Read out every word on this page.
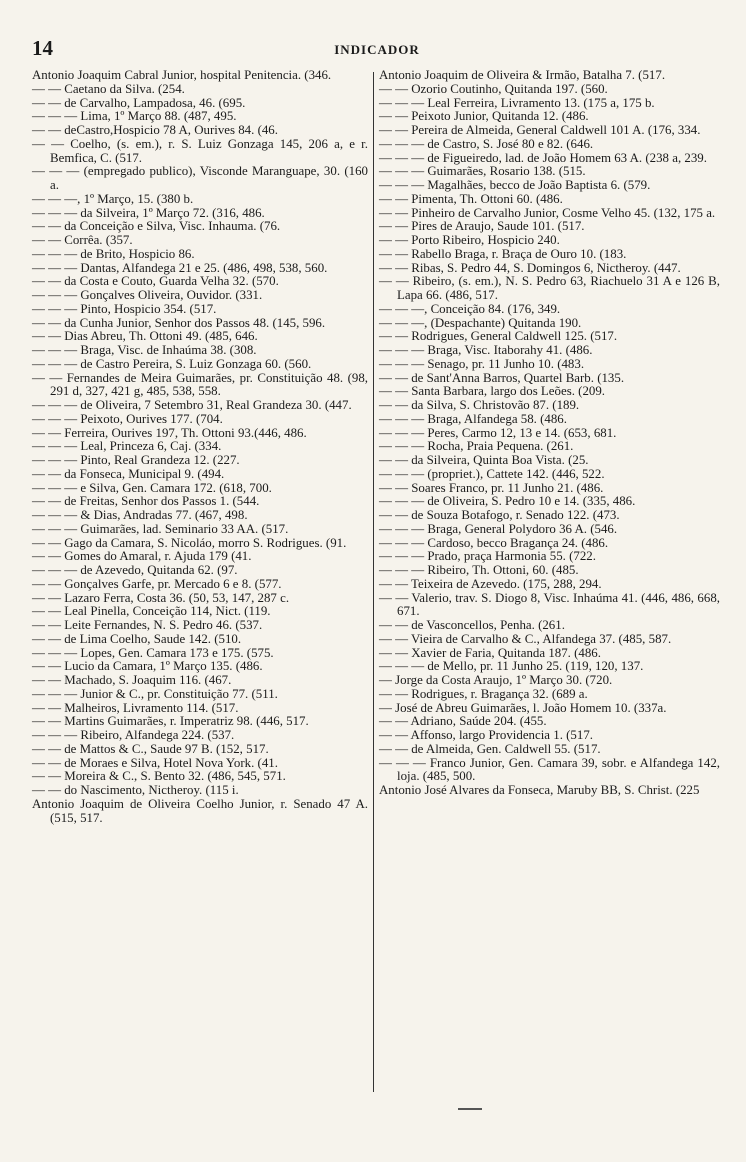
14	INDICADOR

Antonio Joaquim Cabral Junior, hospital Penitencia. (346.

— — Caetano da Silva. (254.

— — de Carvalho, Lampadosa, 46. (695.

— — — Lima, 1º Março 88. (487, 495.

— — deCastro,Hospicio 78 A, Ourives 84. (46.

— — Coelho, (s. em.), r. S. Luiz Gonzaga 145, 206 a, e r. Bemfica, C. (517.

— — — (empregado publico), Visconde Maranguape, 30. (160 a.

— — —, 1º Março, 15. (380 b.

— — — da Silveira, 1º Março 72. (316, 486.

— — da Conceição e Silva, Visc. Inhauma. (76.

— — Corrêa. (357.

— — — de Brito, Hospicio 86.

— — — Dantas, Alfandega 21 e 25. (486, 498, 538, 560.

— — da Costa e Couto, Guarda Velha 32. (570.

— — — Gonçalves Oliveira, Ouvidor. (331.

— — — Pinto, Hospicio 354. (517.

— — da Cunha Junior, Senhor dos Passos 48. (145, 596.

— — Dias Abreu, Th. Ottoni 49. (485, 646.

— — — Braga, Visc. de Inhaúma 38. (308.

— — — de Castro Pereira, S. Luiz Gonzaga 60. (560.

— — Fernandes de Meira Guimarães, pr. Constituição 48. (98, 291 d, 327, 421 g, 485, 538, 558.

— — — de Oliveira, 7 Setembro 31, Real Grandeza 30. (447.

— — — Peixoto, Ourives 177. (704.

— — Ferreira, Ourives 197, Th. Ottoni 93.(446, 486.

— — — Leal, Princeza 6, Caj. (334.

— — — Pinto, Real Grandeza 12. (227.

— — da Fonseca, Municipal 9. (494.

— — — e Silva, Gen. Camara 172. (618, 700.

— — de Freitas, Senhor dos Passos 1. (544.

— — — & Dias, Andradas 77. (467, 498.

— — — Guimarães, lad. Seminario 33 AA. (517.

— — Gago da Camara, S. Nicoláo, morro S. Rodrigues. (91.

— — Gomes do Amaral, r. Ajuda 179 (41.

— — — de Azevedo, Quitanda 62. (97.

— — Gonçalves Garfe, pr. Mercado 6 e 8. (577.

— — Lazaro Ferra, Costa 36. (50, 53, 147, 287 c.

— — Leal Pinella, Conceição 114, Nict. (119.

— — Leite Fernandes, N. S. Pedro 46. (537.

— — de Lima Coelho, Saude 142. (510.

— — — Lopes, Gen. Camara 173 e 175. (575.

— — Lucio da Camara, 1º Março 135. (486.

— — Machado, S. Joaquim 116. (467.

— — — Junior & C., pr. Constituição 77. (511.

— — Malheiros, Livramento 114. (517.

— — Martins Guimarães, r. Imperatriz 98. (446, 517.

— — — Ribeiro, Alfandega 224. (537.

— — de Mattos & C., Saude 97 B. (152, 517.

— — de Moraes e Silva, Hotel Nova York. (41.

— — Moreira & C., S. Bento 32. (486, 545, 571.

— — do Nascimento, Nictheroy. (115 i.

Antonio Joaquim de Oliveira Coelho Junior, r. Senado 47 A. (515, 517.

Antonio Joaquim de Oliveira & Irmão, Batalha 7. (517.

— — Ozorio Coutinho, Quitanda 197. (560.

— — — Leal Ferreira, Livramento 13. (175 a, 175 b.

— — Peixoto Junior, Quitanda 12. (486.

— — Pereira de Almeida, General Caldwell 101 A. (176, 334.

— — — de Castro, S. José 80 e 82. (646.

— — — de Figueiredo, lad. de João Homem 63 A. (238 a, 239.

— — — Guimarães, Rosario 138. (515.

— — — Magalhães, becco de João Baptista 6. (579.

— — Pimenta, Th. Ottoni 60. (486.

— — Pinheiro de Carvalho Junior, Cosme Velho 45. (132, 175 a.

— — Pires de Araujo, Saude 101. (517.

— — Porto Ribeiro, Hospicio 240.

— — Rabello Braga, r. Braça de Ouro 10. (183.

— — Ribas, S. Pedro 44, S. Domingos 6, Nictheroy. (447.

— — Ribeiro, (s. em.), N. S. Pedro 63, Riachuelo 31 A e 126 B, Lapa 66. (486, 517.

— — —, Conceição 84. (176, 349.

— — —, (Despachante) Quitanda 190.

— — Rodrigues, General Caldwell 125. (517.

— — — Braga, Visc. Itaborahy 41. (486.

— — — Senago, pr. 11 Junho 10. (483.

— — de Sant'Anna Barros, Quartel Barb. (135.

— — Santa Barbara, largo dos Leões. (209.

— — da Silva, S. Christovão 87. (189.

— — — Braga, Alfandega 58. (486.

— — — Peres, Carmo 12, 13 e 14. (653, 681.

— — — Rocha, Praia Pequena. (261.

— — da Silveira, Quinta Boa Vista. (25.

— — — (propriet.), Cattete 142. (446, 522.

— — Soares Franco, pr. 11 Junho 21. (486.

— — — de Oliveira, S. Pedro 10 e 14. (335, 486.

— — de Souza Botafogo, r. Senado 122. (473.

— — — Braga, General Polydoro 36 A. (546.

— — — Cardoso, becco Bragança 24. (486.

— — — Prado, praça Harmonia 55. (722.

— — — Ribeiro, Th. Ottoni, 60. (485.

— — Teixeira de Azevedo. (175, 288, 294.

— — Valerio, trav. S. Diogo 8, Visc. Inhaúma 41. (446, 486, 668, 671.

— — de Vasconcellos, Penha. (261.

— — Vieira de Carvalho & C., Alfandega 37. (485, 587.

— — Xavier de Faria, Quitanda 187. (486.

— — — de Mello, pr. 11 Junho 25. (119, 120, 137.

— Jorge da Costa Araujo, 1º Março 30. (720.

— — Rodrigues, r. Bragança 32. (689 a.

— José de Abreu Guimarães, l. João Homem 10. (337a.

— — Adriano, Saúde 204. (455.

— — Affonso, largo Providencia 1. (517.

— — de Almeida, Gen. Caldwell 55. (517.

— — — Franco Junior, Gen. Camara 39, sobr. e Alfandega 142, loja. (485, 500.

Antonio José Alvares da Fonseca, Maruby BB, S. Christ. (225
